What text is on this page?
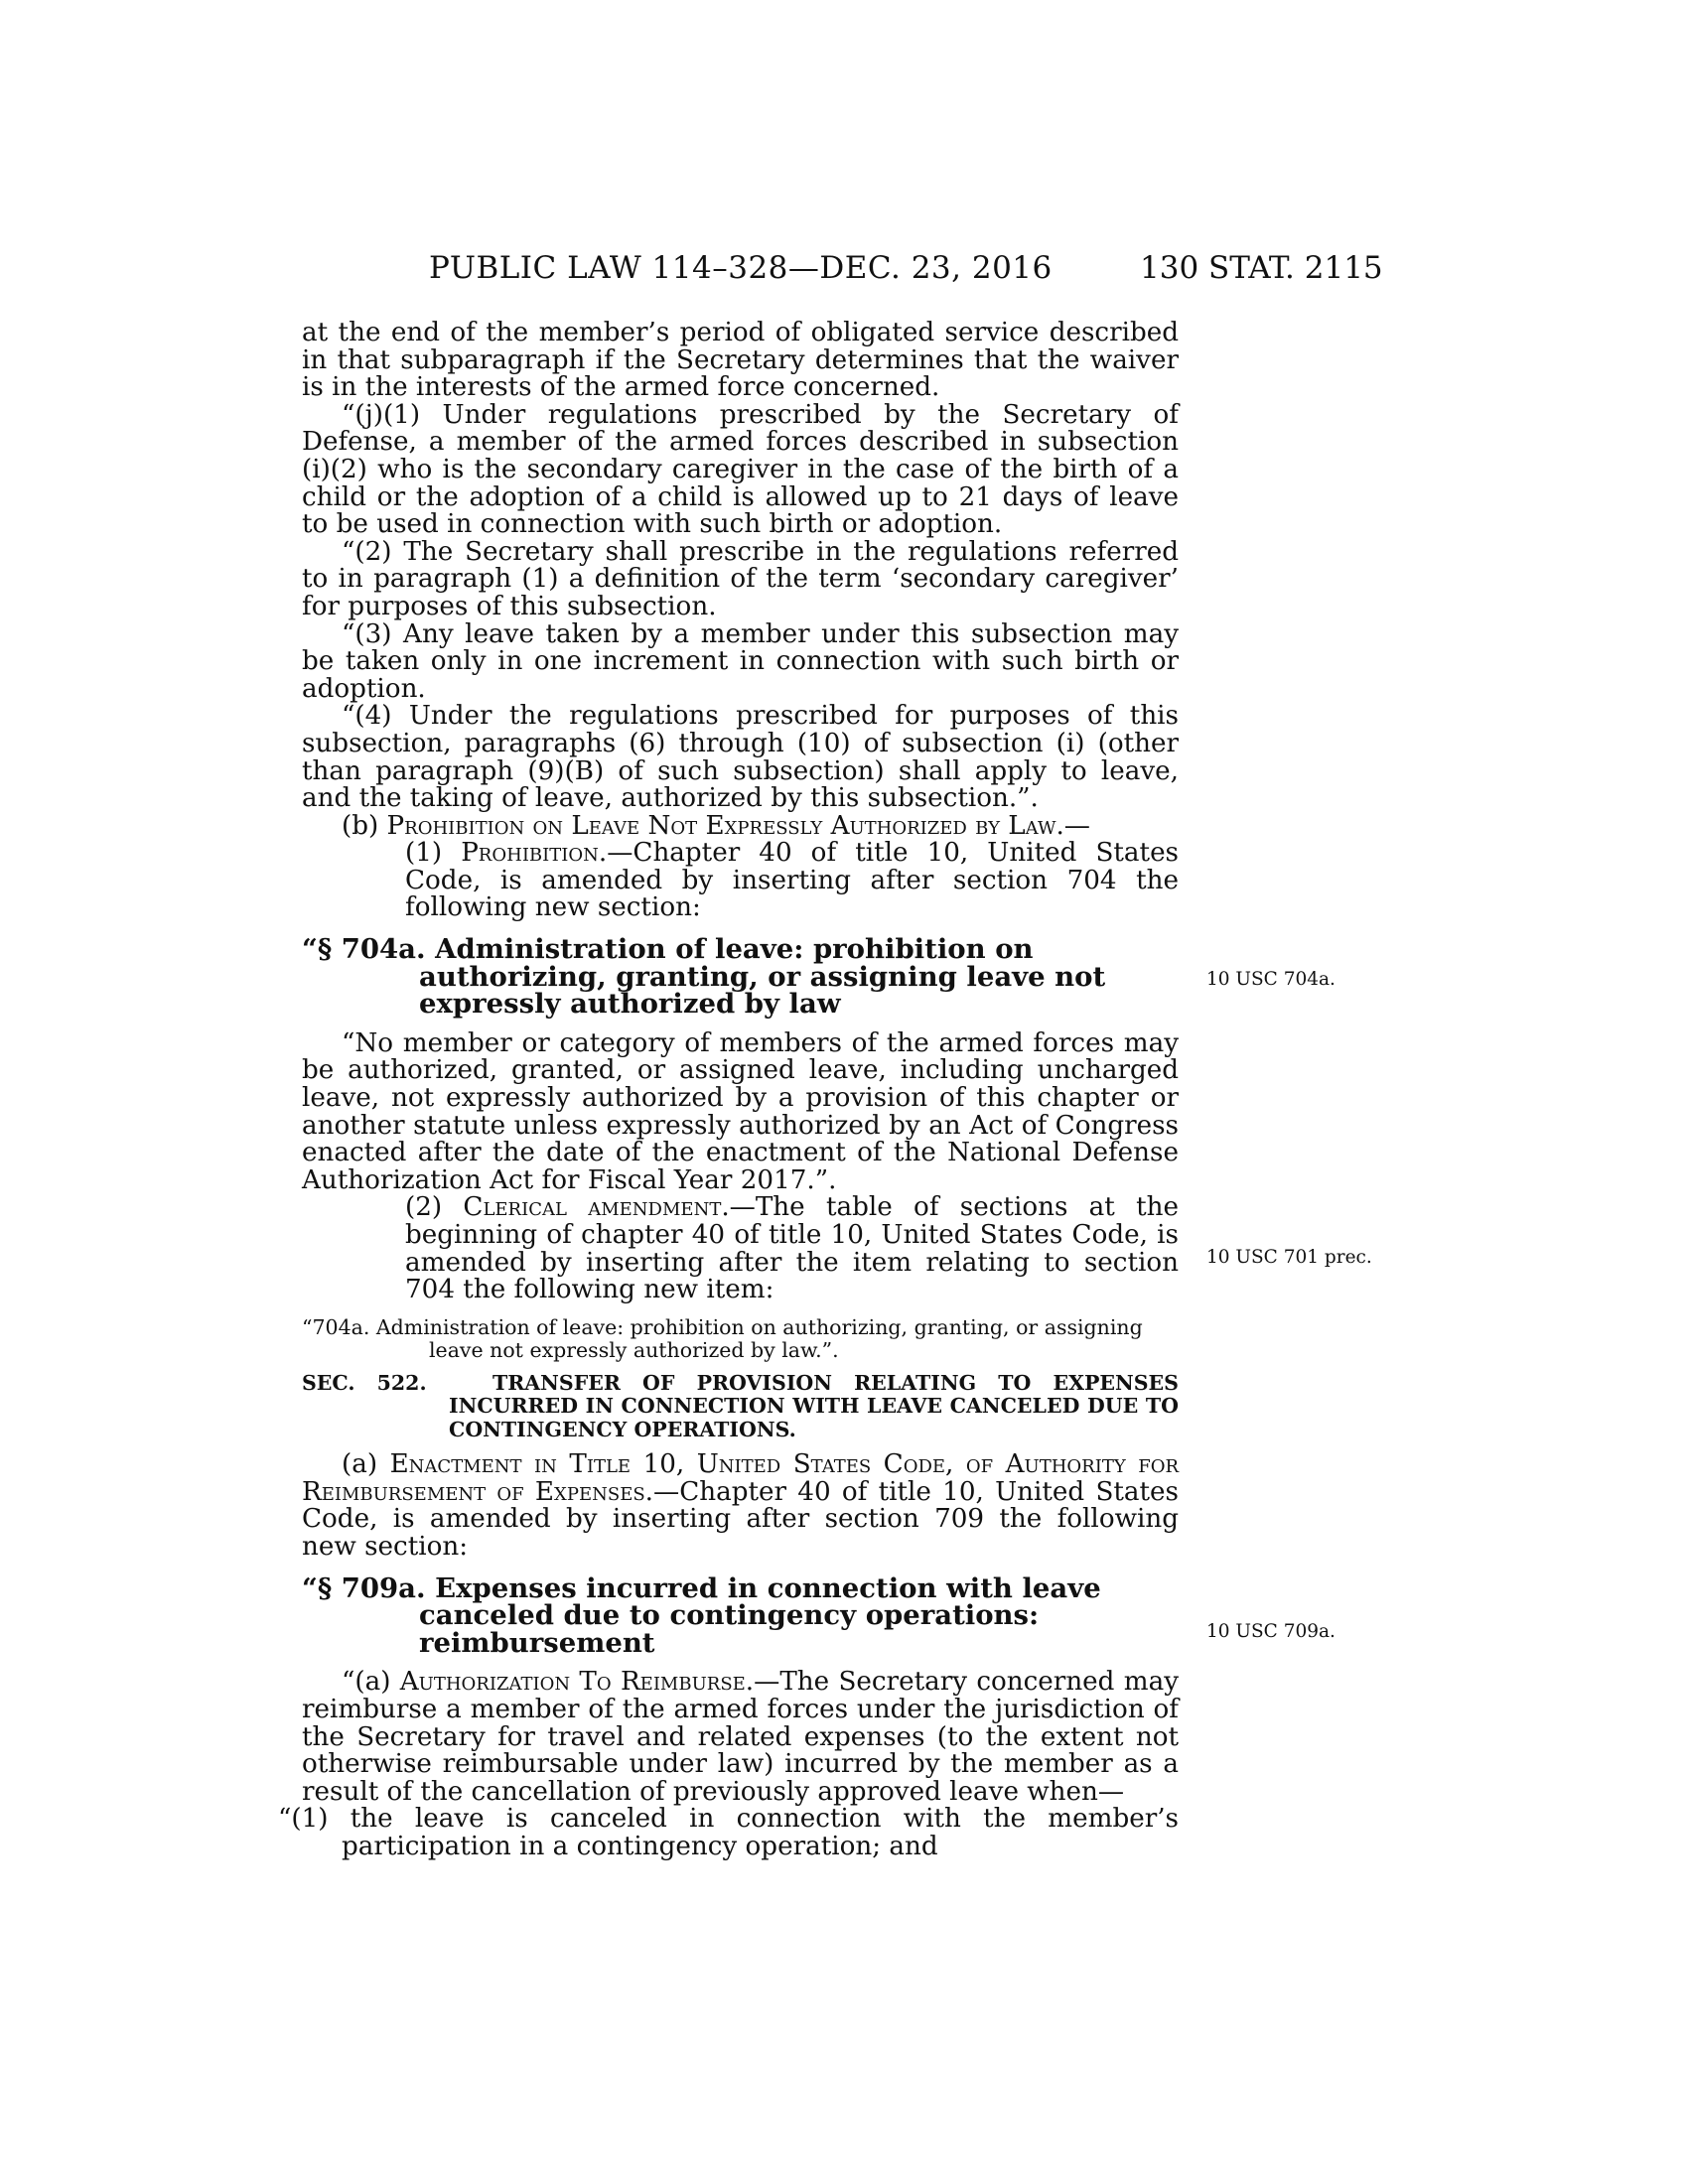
PUBLIC LAW 114–328—DEC. 23, 2016	130 STAT. 2115

at the end of the member’s period of obligated service described in that subparagraph if the Secretary determines that the waiver is in the interests of the armed force concerned.

“(j)(1) Under regulations prescribed by the Secretary of Defense, a member of the armed forces described in subsection (i)(2) who is the secondary caregiver in the case of the birth of a child or the adoption of a child is allowed up to 21 days of leave to be used in connection with such birth or adoption.

“(2) The Secretary shall prescribe in the regulations referred to in paragraph (1) a definition of the term ‘secondary caregiver’ for purposes of this subsection.

“(3) Any leave taken by a member under this subsection may be taken only in one increment in connection with such birth or adoption.

“(4) Under the regulations prescribed for purposes of this subsection, paragraphs (6) through (10) of subsection (i) (other than paragraph (9)(B) of such subsection) shall apply to leave, and the taking of leave, authorized by this subsection.”.

(b) Prohibition on Leave Not Expressly Authorized by Law.—

(1) Prohibition.—Chapter 40 of title 10, United States Code, is amended by inserting after section 704 the following new section:

“§ 704a. Administration of leave: prohibition on authorizing, granting, or assigning leave not expressly authorized by law

“No member or category of members of the armed forces may be authorized, granted, or assigned leave, including uncharged leave, not expressly authorized by a provision of this chapter or another statute unless expressly authorized by an Act of Congress enacted after the date of the enactment of the National Defense Authorization Act for Fiscal Year 2017.”.

(2) Clerical amendment.—The table of sections at the beginning of chapter 40 of title 10, United States Code, is amended by inserting after the item relating to section 704 the following new item:

“704a. Administration of leave: prohibition on authorizing, granting, or assigning leave not expressly authorized by law.”.

SEC. 522.	TRANSFER OF PROVISION RELATING TO EXPENSES INCURRED IN CONNECTION WITH LEAVE CANCELED DUE TO CONTINGENCY OPERATIONS.

(a) Enactment in Title 10, United States Code, of Authority for Reimbursement of Expenses.—Chapter 40 of title 10, United States Code, is amended by inserting after section 709 the following new section:

“§ 709a. Expenses incurred in connection with leave canceled due to contingency operations: reimbursement

“(a) Authorization To Reimburse.—The Secretary concerned may reimburse a member of the armed forces under the jurisdiction of the Secretary for travel and related expenses (to the extent not otherwise reimbursable under law) incurred by the member as a result of the cancellation of previously approved leave when—

“(1) the leave is canceled in connection with the member’s participation in a contingency operation; and

10 USC 704a.
10 USC 701 prec.
10 USC 709a.
